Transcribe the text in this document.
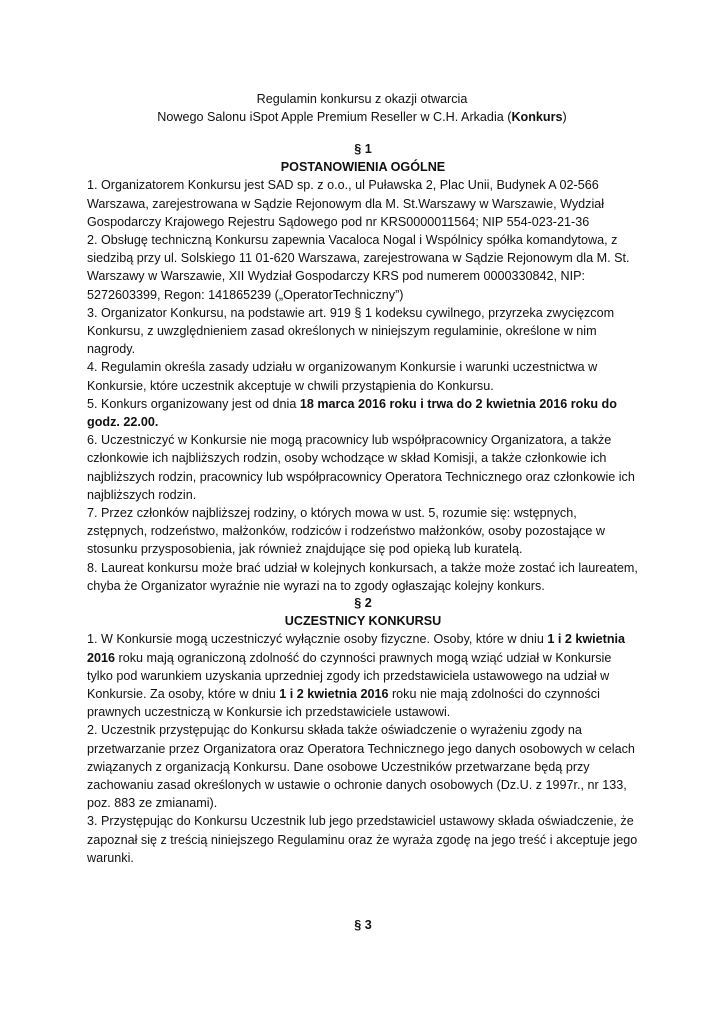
Regulamin konkursu z okazji otwarcia
Nowego Salonu iSpot Apple Premium Reseller w C.H. Arkadia (Konkurs)
§ 1
POSTANOWIENIA OGÓLNE

1. Organizatorem Konkursu jest SAD sp. z o.o., ul Puławska 2, Plac Unii, Budynek A 02-566 Warszawa, zarejestrowana w Sądzie Rejonowym dla M. St.Warszawy w Warszawie, Wydział Gospodarczy Krajowego Rejestru Sądowego pod nr KRS0000011564; NIP 554-023-21-36

2. Obsługę techniczną Konkursu zapewnia Vacaloca Nogal i Wspólnicy spółka komandytowa, z siedzibą przy ul. Solskiego 11 01-620 Warszawa, zarejestrowana w Sądzie Rejonowym dla M. St. Warszawy w Warszawie, XII Wydział Gospodarczy KRS pod numerem 0000330842, NIP: 5272603399, Regon: 141865239 („OperatorTechniczny”)

3. Organizator Konkursu, na podstawie art. 919 § 1 kodeksu cywilnego, przyrzeka zwycięzcom Konkursu, z uwzględnieniem zasad określonych w niniejszym regulaminie, określone w nim nagrody.

4. Regulamin określa zasady udziału w organizowanym Konkursie i warunki uczestnictwa w Konkursie, które uczestnik akceptuje w chwili przystąpienia do Konkursu.

5. Konkurs organizowany jest od dnia 18 marca 2016 roku i trwa do 2 kwietnia 2016 roku do godz. 22.00.

6. Uczestniczyć w Konkursie nie mogą pracownicy lub współpracownicy Organizatora, a także członkowie ich najbliższych rodzin, osoby wchodzące w skład Komisji, a także członkowie ich najbliższych rodzin, pracownicy lub współpracownicy Operatora Technicznego oraz członkowie ich najbliższych rodzin.

7. Przez członków najbliższej rodziny, o których mowa w ust. 5, rozumie się: wstępnych, zstępnych, rodzeństwo, małżonków, rodziców i rodzeństwo małżonków, osoby pozostające w stosunku przysposobienia, jak również znajdujące się pod opieką lub kuratelą.

8. Laureat konkursu może brać udział w kolejnych konkursach, a także może zostać ich laureatem, chyba że Organizator wyraźnie nie wyrazi na to zgody ogłaszając kolejny konkurs.

§ 2
UCZESTNICY KONKURSU

1. W Konkursie mogą uczestniczyć wyłącznie osoby fizyczne. Osoby, które w dniu 1 i 2 kwietnia 2016 roku mają ograniczoną zdolność do czynności prawnych mogą wziąć udział w Konkursie tylko pod warunkiem uzyskania uprzedniej zgody ich przedstawiciela ustawowego na udział w Konkursie. Za osoby, które w dniu 1 i 2 kwietnia 2016 roku nie mają zdolności do czynności prawnych uczestniczą w Konkursie ich przedstawiciele ustawowi.

2. Uczestnik przystępując do Konkursu składa także oświadczenie o wyrażeniu zgody na przetwarzanie przez Organizatora oraz Operatora Technicznego jego danych osobowych w celach związanych z organizacją Konkursu. Dane osobowe Uczestników przetwarzane będą przy zachowaniu zasad określonych w ustawie o ochronie danych osobowych (Dz.U. z 1997r., nr 133, poz. 883 ze zmianami).

3. Przystępując do Konkursu Uczestnik lub jego przedstawiciel ustawowy składa oświadczenie, że zapoznał się z treścią niniejszego Regulaminu oraz że wyraża zgodę na jego treść i akceptuje jego warunki.

§ 3
